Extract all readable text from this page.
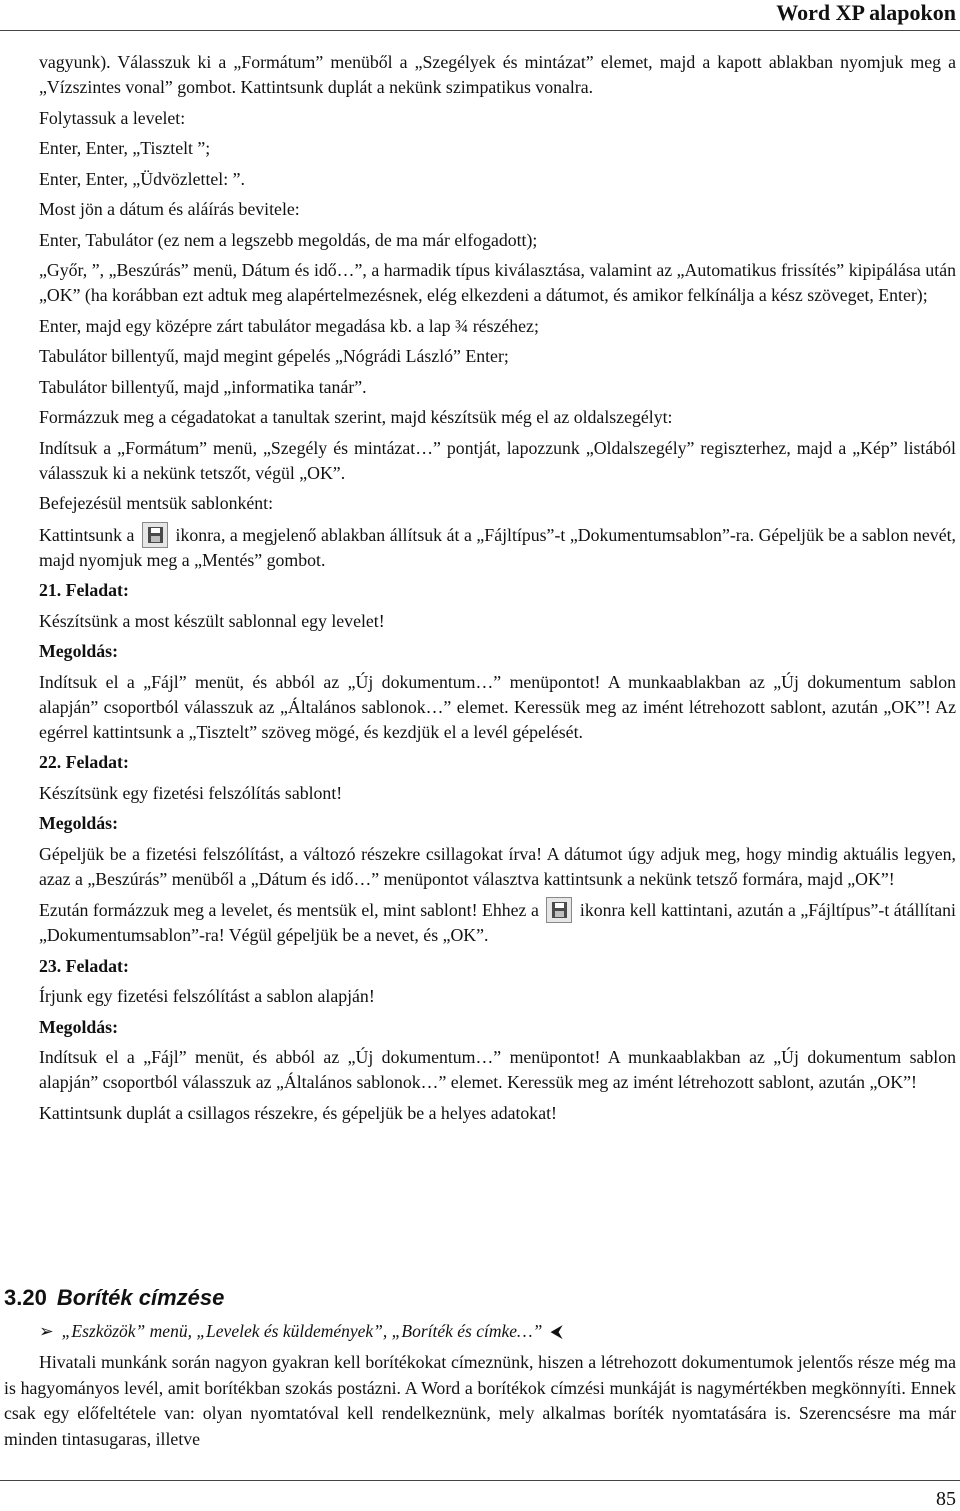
Word XP alapokon

vagyunk). Válasszuk ki a „Formátum” menüből a „Szegélyek és mintázat” elemet, majd a kapott ablakban nyomjuk meg a „Vízszintes vonal” gombot. Kattintsunk duplát a nekünk szimpatikus vonalra.

Folytassuk a levelet:

Enter, Enter, „Tisztelt ”;

Enter, Enter, „Üdvözlettel: ”.

Most jön a dátum és aláírás bevitele:

Enter, Tabulátor (ez nem a legszebb megoldás, de ma már elfogadott);

„Győr, ”, „Beszúrás” menü, Dátum és idő…”, a harmadik típus kiválasztása, valamint az „Automatikus frissítés” kipipálása után „OK” (ha korábban ezt adtuk meg alapértelmezésnek, elég elkezdeni a dátumot, és amikor felkínálja a kész szöveget, Enter);

Enter, majd egy középre zárt tabulátor megadása kb. a lap ¾ részéhez;

Tabulátor billentyű, majd megint gépelés „Nógrádi László” Enter;

Tabulátor billentyű, majd „informatika tanár”.

Formázzuk meg a cégadatokat a tanultak szerint, majd készítsük még el az oldalszegélyt:

Indítsuk a „Formátum” menü, „Szegély és mintázat…” pontját, lapozzunk „Oldalszegély” regiszterhez, majd a „Kép” listából válasszuk ki a nekünk tetszőt, végül „OK”.

Befejezésül mentsük sablonként:

Kattintsunk a ikonra, a megjelenő ablakban állítsuk át a „Fájltípus”-t „Dokumentumsablon”-ra. Gépeljük be a sablon nevét, majd nyomjuk meg a „Mentés” gombot.

21. Feladat:

Készítsünk a most készült sablonnal egy levelet!

Megoldás:

Indítsuk el a „Fájl” menüt, és abból az „Új dokumentum…” menüpontot! A munkaablakban az „Új dokumentum sablon alapján” csoportból válasszuk az „Általános sablonok…” elemet. Keressük meg az imént létrehozott sablont, azután „OK”! Az egérrel kattintsunk a „Tisztelt” szöveg mögé, és kezdjük el a levél gépelését.

22. Feladat:

Készítsünk egy fizetési felszólítás sablont!

Megoldás:

Gépeljük be a fizetési felszólítást, a változó részekre csillagokat írva! A dátumot úgy adjuk meg, hogy mindig aktuális legyen, azaz a „Beszúrás” menüből a „Dátum és idő…” menüpontot választva kattintsunk a nekünk tetsző formára, majd „OK”!

Ezután formázzuk meg a levelet, és mentsük el, mint sablont! Ehhez a ikonra kell kattintani, azután a „Fájltípus”-t átállítani „Dokumentumsablon”-ra! Végül gépeljük be a nevet, és „OK”.

23. Feladat:

Írjunk egy fizetési felszólítást a sablon alapján!

Megoldás:

Indítsuk el a „Fájl” menüt, és abból az „Új dokumentum…” menüpontot! A munkaablakban az „Új dokumentum sablon alapján” csoportból válasszuk az „Általános sablonok…” elemet. Keressük meg az imént létrehozott sablont, azután „OK”!

Kattintsunk duplát a csillagos részekre, és gépeljük be a helyes adatokat!

3.20 Boríték címzése
➢ „Eszközök” menü, „Levelek és küldemények”, „Boríték és címke…” ⮜
Hivatali munkánk során nagyon gyakran kell borítékokat címeznünk, hiszen a létrehozott dokumentumok jelentős része még ma is hagyományos levél, amit borítékban szokás postázni. A Word a borítékok címzési munkáját is nagymértékben megkönnyíti. Ennek csak egy előfeltétele van: olyan nyomtatóval kell rendelkeznünk, mely alkalmas boríték nyomtatására is. Szerencsésre ma már minden tintasugaras, illetve
85
